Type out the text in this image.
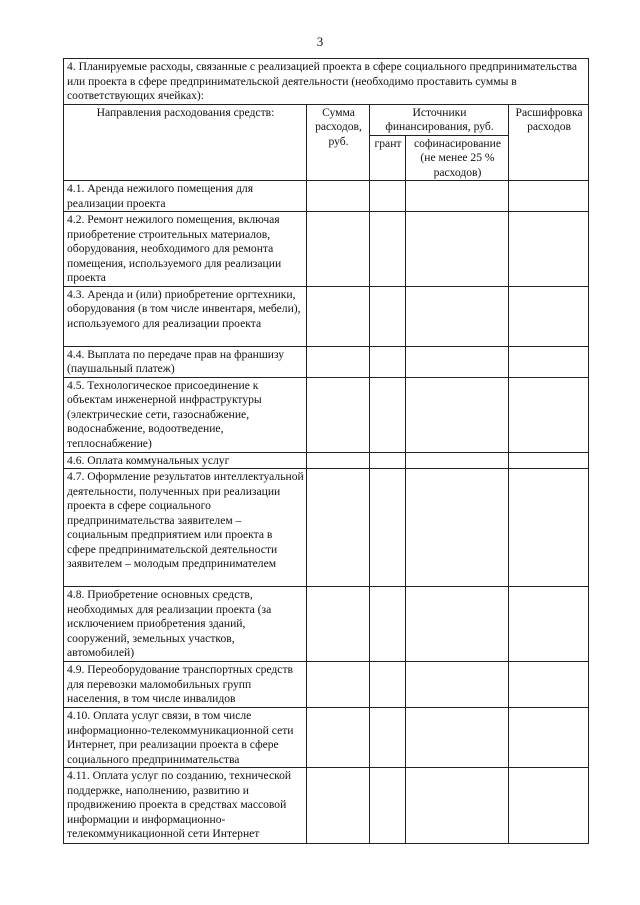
3
4. Планируемые расходы, связанные с реализацией проекта в сфере социального предпринимательства или проекта в сфере предпринимательской деятельности (необходимо проставить суммы в соответствующих ячейках):				
Направления расходования средств:	Сумма расходов, руб.	Источники финансирования, руб.		Расшифровка расходов
		грант	софинасирование (не менее 25 % расходов)	
4.1. Аренда нежилого помещения для реализации проекта				
4.2. Ремонт нежилого помещения, включая приобретение строительных материалов, оборудования, необходимого для ремонта помещения, используемого для реализации проекта				
4.3. Аренда и (или) приобретение оргтехники, оборудования (в том числе инвентаря, мебели), используемого для реализации проекта				
4.4. Выплата по передаче прав на франшизу (паушальный платеж)				
4.5. Технологическое присоединение к объектам инженерной инфраструктуры (электрические сети, газоснабжение, водоснабжение, водоотведение, теплоснабжение)				
4.6. Оплата коммунальных услуг				
4.7. Оформление результатов интеллектуальной деятельности, полученных при реализации проекта в сфере социального предпринимательства заявителем – социальным предприятием или проекта в сфере предпринимательской деятельности заявителем – молодым предпринимателем				
4.8. Приобретение основных средств, необходимых для реализации проекта (за исключением приобретения зданий, сооружений, земельных участков, автомобилей)				
4.9. Переоборудование транспортных средств для перевозки маломобильных групп населения, в том числе инвалидов				
4.10. Оплата услуг связи, в том числе информационно-телекоммуникационной сети Интернет, при реализации проекта в сфере социального предпринимательства				
4.11. Оплата услуг по созданию, технической поддержке, наполнению, развитию и продвижению проекта в средствах массовой информации и информационно-телекоммуникационной сети Интернет				
